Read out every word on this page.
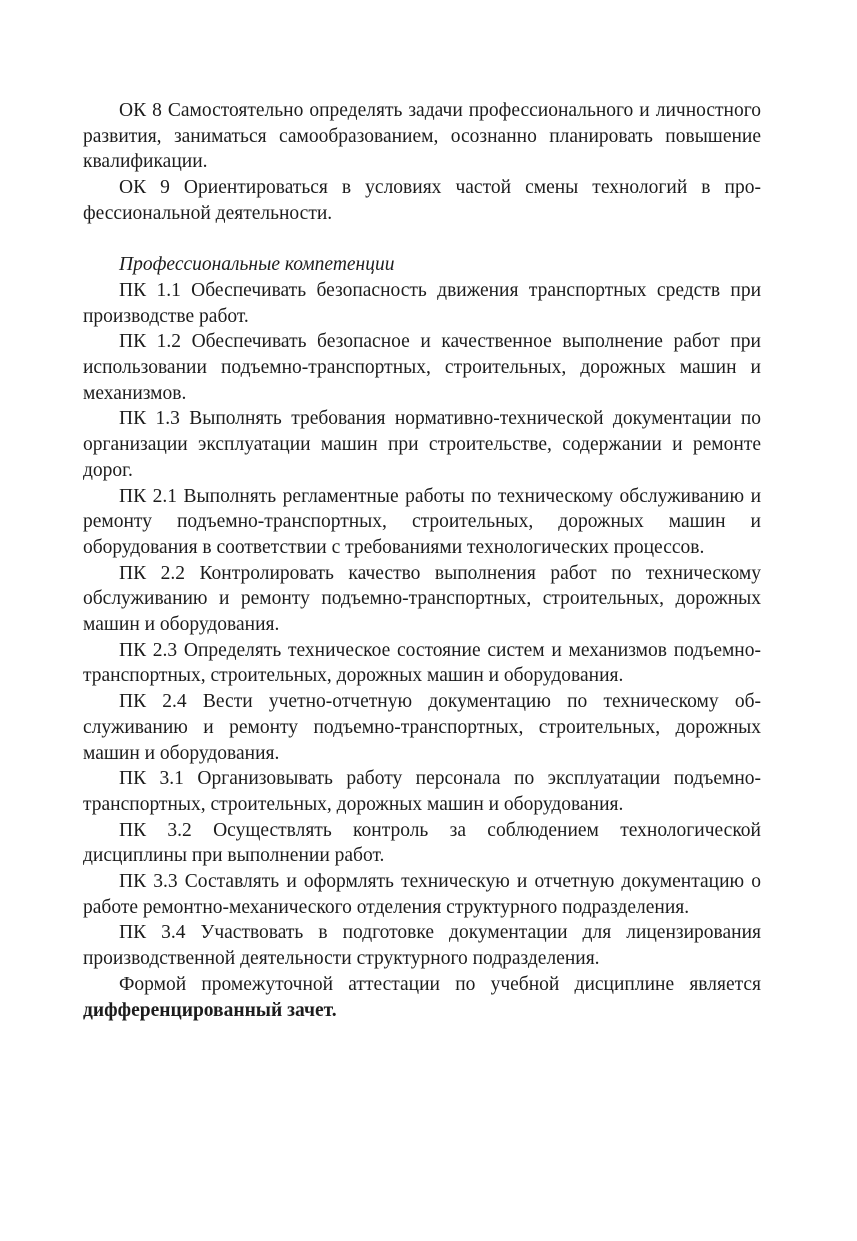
ОК 8 Самостоятельно определять задачи профессионального и личностного развития, заниматься самообразованием, осознанно планировать повышение квалификации.

ОК 9 Ориентироваться в условиях частой смены технологий в профессиональной деятельности.

Профессиональные компетенции

ПК 1.1 Обеспечивать безопасность движения транспортных средств при производстве работ.

ПК 1.2 Обеспечивать безопасное и качественное выполнение работ при использовании подъемно-транспортных, строительных, дорожных машин и механизмов.

ПК 1.3 Выполнять требования нормативно-технической документации по организации эксплуатации машин при строительстве, содержании и ремонте дорог.

ПК 2.1 Выполнять регламентные работы по техническому обслуживанию и ремонту подъемно-транспортных, строительных, дорожных машин и оборудования в соответствии с требованиями технологических процессов.

ПК 2.2 Контролировать качество выполнения работ по техническому обслуживанию и ремонту подъемно-транспортных, строительных, дорожных машин и оборудования.

ПК 2.3 Определять техническое состояние систем и механизмов подъемно-транспортных, строительных, дорожных машин и оборудования.

ПК 2.4 Вести учетно-отчетную документацию по техническому обслуживанию и ремонту подъемно-транспортных, строительных, дорожных машин и оборудования.

ПК 3.1 Организовывать работу персонала по эксплуатации подъемно-транспортных, строительных, дорожных машин и оборудования.

ПК 3.2 Осуществлять контроль за соблюдением технологической дисциплины при выполнении работ.

ПК 3.3 Составлять и оформлять техническую и отчетную документацию о работе ремонтно-механического отделения структурного подразделения.

ПК 3.4 Участвовать в подготовке документации для лицензирования производственной деятельности структурного подразделения.

Формой промежуточной аттестации по учебной дисциплине является дифференцированный зачет.
